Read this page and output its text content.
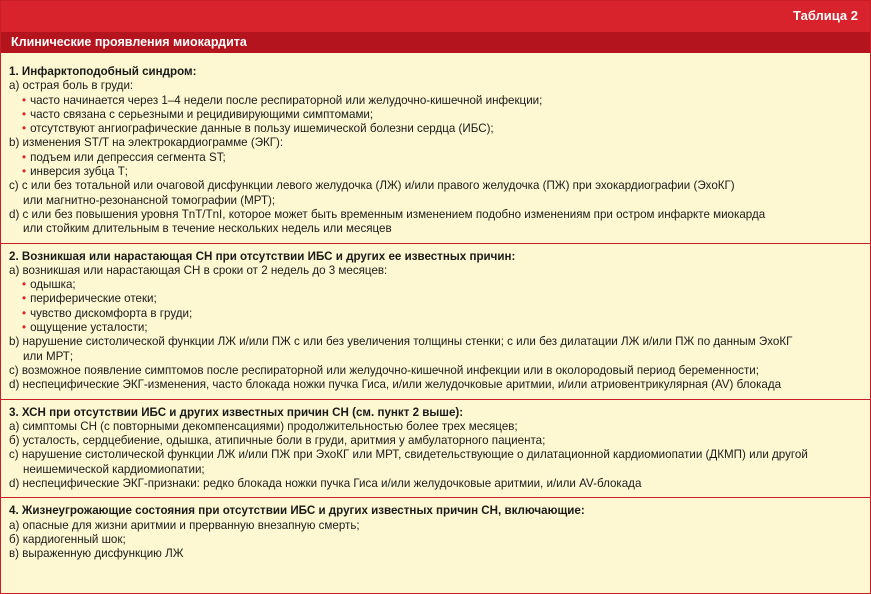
Таблица 2
Клинические проявления миокардита
1. Инфарктоподобный синдром:
а) острая боль в груди:
• часто начинается через 1–4 недели после респираторной или желудочно-кишечной инфекции;
• часто связана с серьезными и рецидивирующими симптомами;
• отсутствуют ангиографические данные в пользу ишемической болезни сердца (ИБС);
b) изменения ST/T на электрокардиограмме (ЭКГ):
• подъем или депрессия сегмента ST;
• инверсия зубца Т;
c) с или без тотальной или очаговой дисфункции левого желудочка (ЛЖ) и/или правого желудочка (ПЖ) при эхокардиографии (ЭхоКГ)
или магнитно-резонансной томографии (МРТ);
d) с или без повышения уровня TnT/TnI, которое может быть временным изменением подобно изменениям при остром инфаркте миокарда
или стойким длительным в течение нескольких недель или месяцев
2. Возникшая или нарастающая СН при отсутствии ИБС и других ее известных причин:
а) возникшая или нарастающая СН в сроки от 2 недель до 3 месяцев:
• одышка;
• периферические отеки;
• чувство дискомфорта в груди;
• ощущение усталости;
b) нарушение систолической функции ЛЖ и/или ПЖ с или без увеличения толщины стенки; с или без дилатации ЛЖ и/или ПЖ по данным ЭхоКГ
или МРТ;
c) возможное появление симптомов после респираторной или желудочно-кишечной инфекции или в околородовый период беременности;
d) неспецифические ЭКГ-изменения, часто блокада ножки пучка Гиса, и/или желудочковые аритмии, и/или атриовентрикулярная (AV) блокада
3. ХСН при отсутствии ИБС и других известных причин СН (см. пункт 2 выше):
а) симптомы СН (с повторными декомпенсациями) продолжительностью более трех месяцев;
б) усталость, сердцебиение, одышка, атипичные боли в груди, аритмия у амбулаторного пациента;
c) нарушение систолической функции ЛЖ и/или ПЖ при ЭхоКГ или МРТ, свидетельствующие о дилатационной кардиомиопатии (ДКМП) или другой
неишемической кардиомиопатии;
d) неспецифические ЭКГ-признаки: редко блокада ножки пучка Гиса и/или желудочковые аритмии, и/или AV-блокада
4. Жизнеугрожающие состояния при отсутствии ИБС и других известных причин СН, включающие:
а) опасные для жизни аритмии и прерванную внезапную смерть;
б) кардиогенный шок;
в) выраженную дисфункцию ЛЖ
